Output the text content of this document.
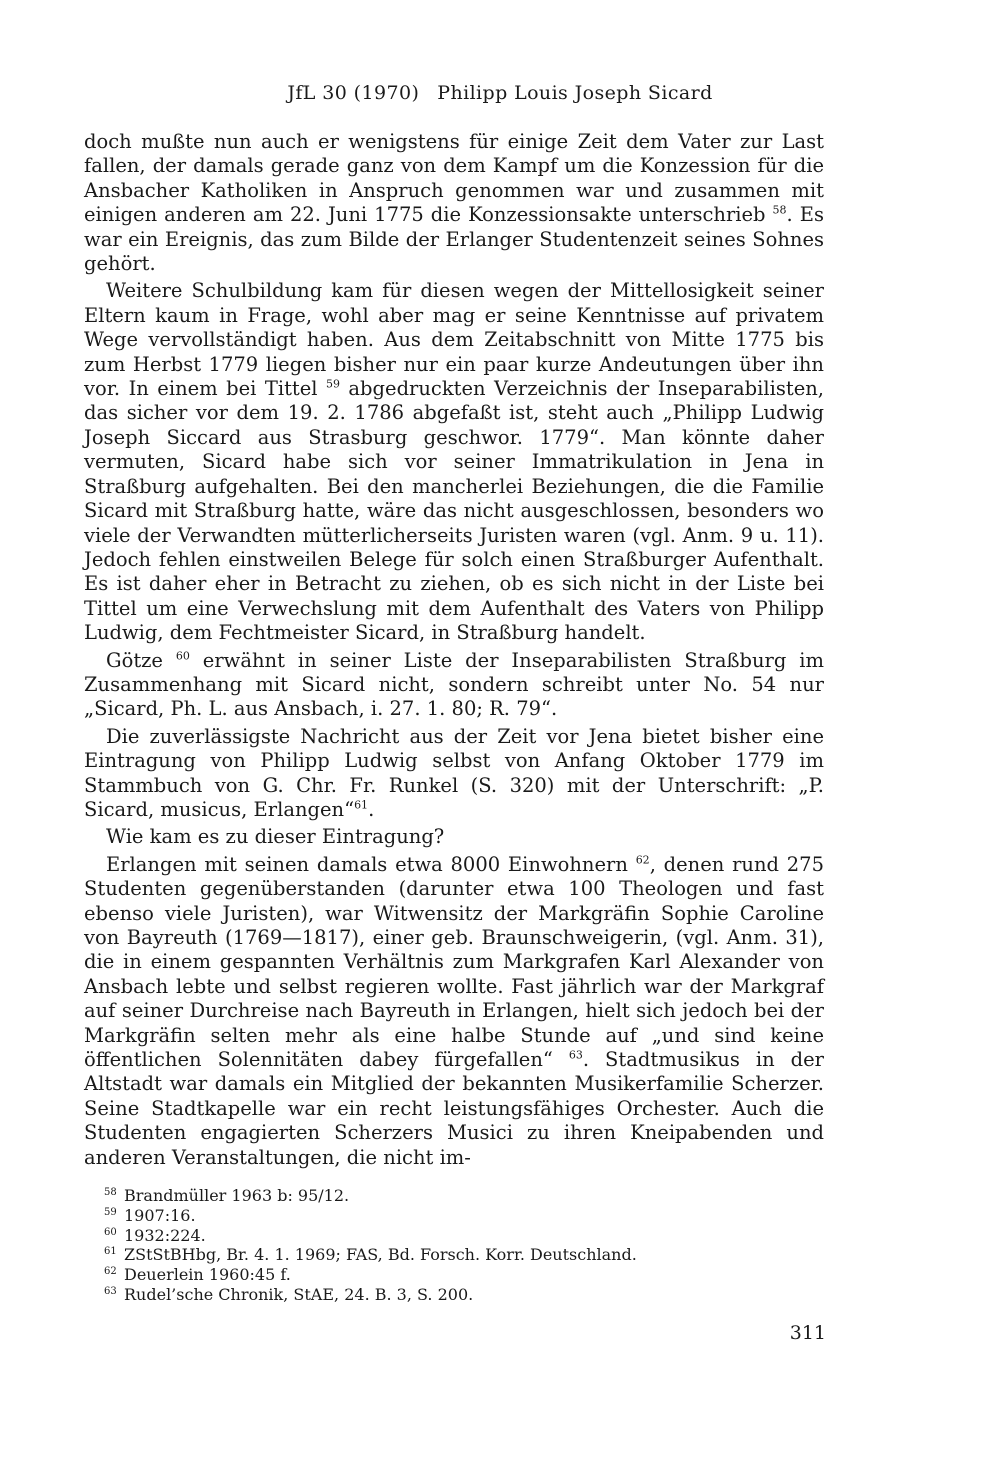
JfL 30 (1970) Philipp Louis Joseph Sicard

doch mußte nun auch er wenigstens für einige Zeit dem Vater zur Last fallen, der damals gerade ganz von dem Kampf um die Konzession für die Ansbacher Katholiken in Anspruch genommen war und zusammen mit einigen anderen am 22. Juni 1775 die Konzessionsakte unterschrieb $^{58}$. Es war ein Ereignis, das zum Bilde der Erlanger Studentenzeit seines Sohnes gehört.

Weitere Schulbildung kam für diesen wegen der Mittellosigkeit seiner Eltern kaum in Frage, wohl aber mag er seine Kenntnisse auf privatem Wege vervollständigt haben. Aus dem Zeitabschnitt von Mitte 1775 bis zum Herbst 1779 liegen bisher nur ein paar kurze Andeutungen über ihn vor. In einem bei Tittel $^{59}$ abgedruckten Verzeichnis der Inseparabilisten, das sicher vor dem 19. 2. 1786 abgefaßt ist, steht auch „Philipp Ludwig Joseph Siccard aus Strasburg geschwor. 1779“. Man könnte daher vermuten, Sicard habe sich vor seiner Immatrikulation in Jena in Straßburg aufgehalten. Bei den mancherlei Beziehungen, die die Familie Sicard mit Straßburg hatte, wäre das nicht ausgeschlossen, besonders wo viele der Verwandten mütterlicherseits Juristen waren (vgl. Anm. 9 u. 11). Jedoch fehlen einstweilen Belege für solch einen Straßburger Aufenthalt. Es ist daher eher in Betracht zu ziehen, ob es sich nicht in der Liste bei Tittel um eine Verwechslung mit dem Aufenthalt des Vaters von Philipp Ludwig, dem Fechtmeister Sicard, in Straßburg handelt.

Götze $^{60}$ erwähnt in seiner Liste der Inseparabilisten Straßburg im Zusammenhang mit Sicard nicht, sondern schreibt unter No. 54 nur „Sicard, Ph. L. aus Ansbach, i. 27. 1. 80; R. 79“.

Die zuverlässigste Nachricht aus der Zeit vor Jena bietet bisher eine Eintragung von Philipp Ludwig selbst von Anfang Oktober 1779 im Stammbuch von G. Chr. Fr. Runkel (S. 320) mit der Unterschrift: „P. Sicard, musicus, Erlangen“$^{61}$.

Wie kam es zu dieser Eintragung?

Erlangen mit seinen damals etwa 8000 Einwohnern $^{62}$, denen rund 275 Studenten gegenüberstanden (darunter etwa 100 Theologen und fast ebenso viele Juristen), war Witwensitz der Markgräfin Sophie Caroline von Bayreuth (1769—1817), einer geb. Braunschweigerin, (vgl. Anm. 31), die in einem gespannten Verhältnis zum Markgrafen Karl Alexander von Ansbach lebte und selbst regieren wollte. Fast jährlich war der Markgraf auf seiner Durchreise nach Bayreuth in Erlangen, hielt sich jedoch bei der Markgräfin selten mehr als eine halbe Stunde auf „und sind keine öffentlichen Solennitäten dabey fürgefallen“ $^{63}$. Stadtmusikus in der Altstadt war damals ein Mitglied der bekannten Musikerfamilie Scherzer. Seine Stadtkapelle war ein recht leistungsfähiges Orchester. Auch die Studenten engagierten Scherzers Musici zu ihren Kneipabenden und anderen Veranstaltungen, die nicht im-

58 Brandmüller 1963 b: 95/12.
59 1907:16.
60 1932:224.
61 ZStStBHbg, Br. 4. 1. 1969; FAS, Bd. Forsch. Korr. Deutschland.
62 Deuerlein 1960:45 f.
63 Rudel’sche Chronik, StAE, 24. B. 3, S. 200.
311
